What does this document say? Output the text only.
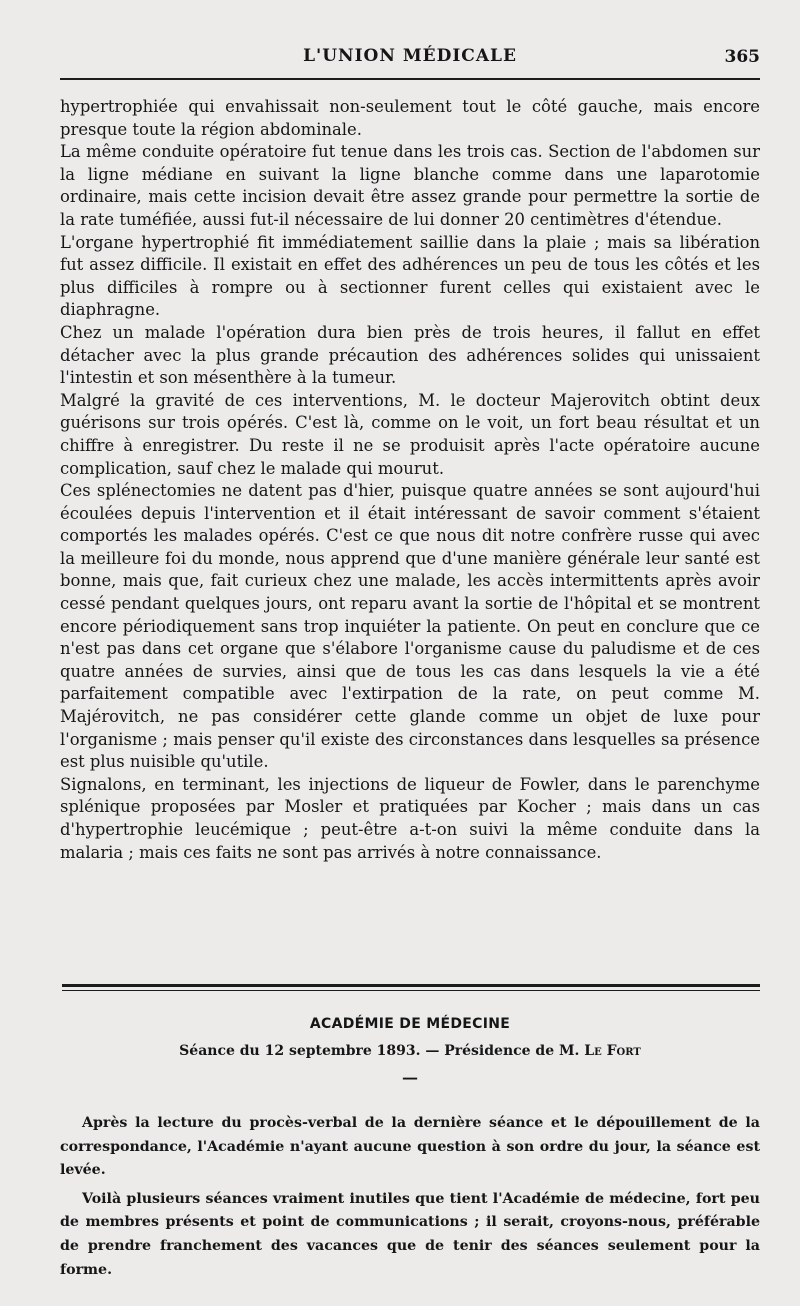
L'UNION MÉDICALE	365

hypertrophiée qui envahissait non-seulement tout le côté gauche, mais encore presque toute la région abdominale.

La même conduite opératoire fut tenue dans les trois cas. Section de l'abdomen sur la ligne médiane en suivant la ligne blanche comme dans une laparotomie ordinaire, mais cette incision devait être assez grande pour permettre la sortie de la rate tuméfiée, aussi fut-il nécessaire de lui donner 20 centimètres d'étendue.

L'organe hypertrophié fit immédiatement saillie dans la plaie ; mais sa libération fut assez difficile. Il existait en effet des adhérences un peu de tous les côtés et les plus difficiles à rompre ou à sectionner furent celles qui existaient avec le diaphragne.

Chez un malade l'opération dura bien près de trois heures, il fallut en effet détacher avec la plus grande précaution des adhérences solides qui unissaient l'intestin et son mésenthère à la tumeur.

Malgré la gravité de ces interventions, M. le docteur Majerovitch obtint deux guérisons sur trois opérés. C'est là, comme on le voit, un fort beau résultat et un chiffre à enregistrer. Du reste il ne se produisit après l'acte opératoire aucune complication, sauf chez le malade qui mourut.

Ces splénectomies ne datent pas d'hier, puisque quatre années se sont aujourd'hui écoulées depuis l'intervention et il était intéressant de savoir comment s'étaient comportés les malades opérés. C'est ce que nous dit notre confrère russe qui avec la meilleure foi du monde, nous apprend que d'une manière générale leur santé est bonne, mais que, fait curieux chez une malade, les accès intermittents après avoir cessé pendant quelques jours, ont reparu avant la sortie de l'hôpital et se montrent encore périodiquement sans trop inquiéter la patiente. On peut en conclure que ce n'est pas dans cet organe que s'élabore l'organisme cause du paludisme et de ces quatre années de survies, ainsi que de tous les cas dans lesquels la vie a été parfaitement compatible avec l'extirpation de la rate, on peut comme M. Majérovitch, ne pas considérer cette glande comme un objet de luxe pour l'organisme ; mais penser qu'il existe des circonstances dans lesquelles sa présence est plus nuisible qu'utile.

Signalons, en terminant, les injections de liqueur de Fowler, dans le parenchyme splénique proposées par Mosler et pratiquées par Kocher ; mais dans un cas d'hypertrophie leucémique ; peut-être a-t-on suivi la même conduite dans la malaria ; mais ces faits ne sont pas arrivés à notre connaissance.

ACADÉMIE DE MÉDECINE
Séance du 12 septembre 1893. — Présidence de M. Le Fort
—

Après la lecture du procès-verbal de la dernière séance et le dépouillement de la correspondance, l'Académie n'ayant aucune question à son ordre du jour, la séance est levée.

Voilà plusieurs séances vraiment inutiles que tient l'Académie de médecine, fort peu de membres présents et point de communications ; il serait, croyons-nous, préférable de prendre franchement des vacances que de tenir des séances seulement pour la forme.
